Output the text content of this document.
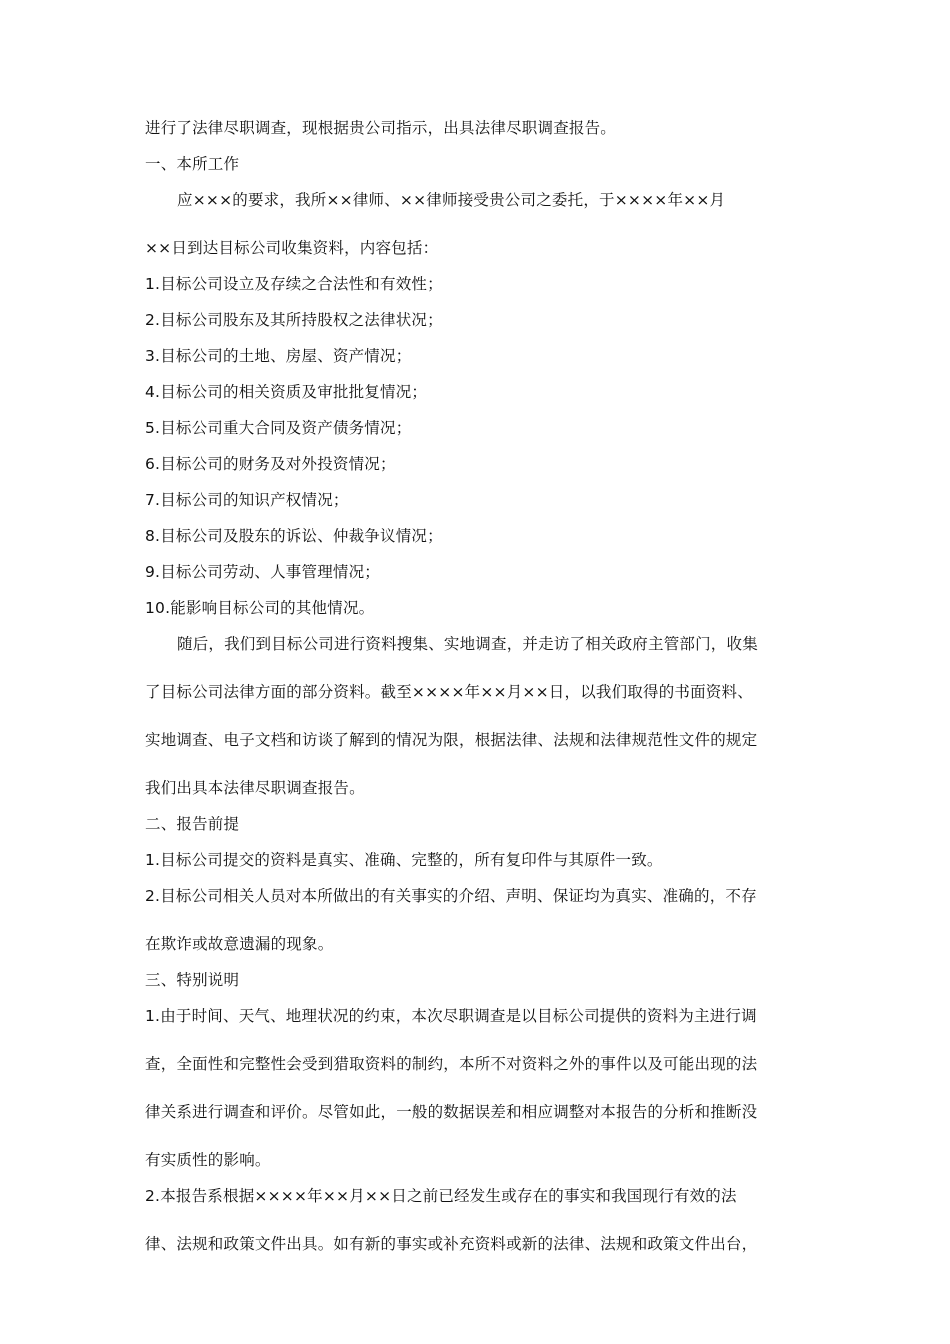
进行了法律尽职调查，现根据贵公司指示，出具法律尽职调查报告。
一、本所工作
应×××的要求，我所××律师、××律师接受贵公司之委托，于××××年××月
××日到达目标公司收集资料，内容包括：
1.目标公司设立及存续之合法性和有效性；
2.目标公司股东及其所持股权之法律状况；
3.目标公司的土地、房屋、资产情况；
4.目标公司的相关资质及审批批复情况；
5.目标公司重大合同及资产债务情况；
6.目标公司的财务及对外投资情况；
7.目标公司的知识产权情况；
8.目标公司及股东的诉讼、仲裁争议情况；
9.目标公司劳动、人事管理情况；
10.能影响目标公司的其他情况。
随后，我们到目标公司进行资料搜集、实地调查，并走访了相关政府主管部门，收集
了目标公司法律方面的部分资料。截至××××年××月××日，以我们取得的书面资料、
实地调查、电子文档和访谈了解到的情况为限，根据法律、法规和法律规范性文件的规定
我们出具本法律尽职调查报告。
二、报告前提
1.目标公司提交的资料是真实、准确、完整的，所有复印件与其原件一致。
2.目标公司相关人员对本所做出的有关事实的介绍、声明、保证均为真实、准确的，不存
在欺诈或故意遗漏的现象。
三、特别说明
1.由于时间、天气、地理状况的约束，本次尽职调查是以目标公司提供的资料为主进行调
查，全面性和完整性会受到猎取资料的制约，本所不对资料之外的事件以及可能出现的法
律关系进行调查和评价。尽管如此，一般的数据误差和相应调整对本报告的分析和推断没
有实质性的影响。
2.本报告系根据××××年××月××日之前已经发生或存在的事实和我国现行有效的法
律、法规和政策文件出具。如有新的事实或补充资料或新的法律、法规和政策文件出台，
